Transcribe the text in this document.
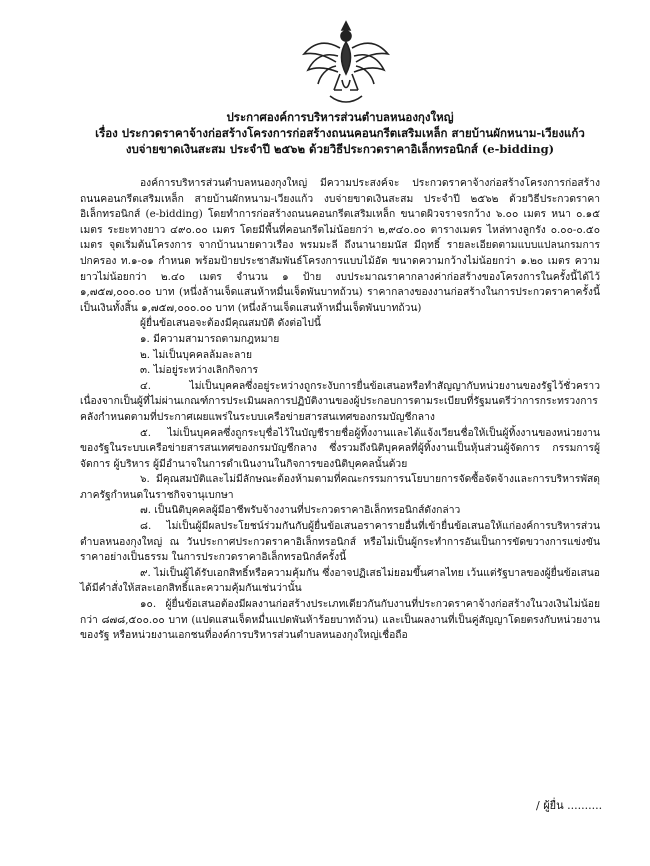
ประกาศองค์การบริหารส่วนตำบลหนองกุงใหญ่
เรื่อง ประกวดราคาจ้างก่อสร้างโครงการก่อสร้างถนนคอนกรีตเสริมเหล็ก สายบ้านผักหนาม-เวียงแก้ว
งบจ่ายขาดเงินสะสม ประจำปี ๒๕๖๒ ด้วยวิธีประกวดราคาอิเล็กทรอนิกส์ (e-bidding)

องค์การบริหารส่วนตำบลหนองกุงใหญ่ มีความประสงค์จะ ประกวดราคาจ้างก่อสร้างโครงการก่อสร้างถนนคอนกรีตเสริมเหล็ก สายบ้านผักหนาม-เวียงแก้ว งบจ่ายขาดเงินสะสม ประจำปี ๒๕๖๒ ด้วยวิธีประกวดราคาอิเล็กทรอนิกส์ (e-bidding) โดยทำการก่อสร้างถนนคอนกรีตเสริมเหล็ก ขนาดผิวจราจรกว้าง ๖.๐๐ เมตร หนา ๐.๑๕ เมตร ระยะทางยาว ๔๙๐.๐๐ เมตร โดยมีพื้นที่คอนกรีตไม่น้อยกว่า ๒,๙๔๐.๐๐ ตารางเมตร ไหล่ทางลูกรัง ๐.๐๐-๐.๕๐ เมตร จุดเริ่มต้นโครงการ จากบ้านนายดาวเรือง พรมมะลี ถึงนานายมนัส มีฤทธิ์ รายละเอียดตามแบบแปลนกรมการปกครอง ท.๑-๐๑ กำหนด พร้อมป้ายประชาสัมพันธ์โครงการแบบไม้อัด ขนาดความกว้างไม่น้อยกว่า ๑.๒๐ เมตร ความยาวไม่น้อยกว่า ๒.๔๐ เมตร จำนวน ๑ ป้าย งบประมาณราคากลางค่าก่อสร้างของโครงการในครั้งนี้ได้ไว้ ๑,๗๕๗,๐๐๐.๐๐ บาท (หนึ่งล้านเจ็ดแสนห้าหมื่นเจ็ดพันบาทถ้วน) ราคากลางของงานก่อสร้างในการประกวดราคาครั้งนี้เป็นเงินทั้งสิ้น ๑,๗๕๗,๐๐๐.๐๐ บาท (หนึ่งล้านเจ็ดแสนห้าหมื่นเจ็ดพันบาทถ้วน)

ผู้ยื่นข้อเสนอจะต้องมีคุณสมบัติ ดังต่อไปนี้

๑. มีความสามารถตามกฎหมาย

๒. ไม่เป็นบุคคลล้มละลาย

๓. ไม่อยู่ระหว่างเลิกกิจการ

๔. ไม่เป็นบุคคลซึ่งอยู่ระหว่างถูกระงับการยื่นข้อเสนอหรือทำสัญญากับหน่วยงานของรัฐไว้ชั่วคราวเนื่องจากเป็นผู้ที่ไม่ผ่านเกณฑ์การประเมินผลการปฏิบัติงานของผู้ประกอบการตามระเบียบที่รัฐมนตรีว่าการกระทรวงการคลังกำหนดตามที่ประกาศเผยแพร่ในระบบเครือข่ายสารสนเทศของกรมบัญชีกลาง

๕. ไม่เป็นบุคคลซึ่งถูกระบุชื่อไว้ในบัญชีรายชื่อผู้ทิ้งงานและได้แจ้งเวียนชื่อให้เป็นผู้ทิ้งงานของหน่วยงานของรัฐในระบบเครือข่ายสารสนเทศของกรมบัญชีกลาง ซึ่งรวมถึงนิติบุคคลที่ผู้ทิ้งงานเป็นหุ้นส่วนผู้จัดการ กรรมการผู้จัดการ ผู้บริหาร ผู้มีอำนาจในการดำเนินงานในกิจการของนิติบุคคลนั้นด้วย

๖. มีคุณสมบัติและไม่มีลักษณะต้องห้ามตามที่คณะกรรมการนโยบายการจัดซื้อจัดจ้างและการบริหารพัสดุภาครัฐกำหนดในราชกิจจานุเบกษา

๗. เป็นนิติบุคคลผู้มีอาชีพรับจ้างงานที่ประกวดราคาอิเล็กทรอนิกส์ดังกล่าว

๘. ไม่เป็นผู้มีผลประโยชน์ร่วมกันกับผู้ยื่นข้อเสนอราคารายอื่นที่เข้ายื่นข้อเสนอให้แก่องค์การบริหารส่วนตำบลหนองกุงใหญ่ ณ วันประกาศประกวดราคาอิเล็กทรอนิกส์ หรือไม่เป็นผู้กระทำการอันเป็นการขัดขวางการแข่งขันราคาอย่างเป็นธรรม ในการประกวดราคาอิเล็กทรอนิกส์ครั้งนี้

๙. ไม่เป็นผู้ได้รับเอกสิทธิ์หรือความคุ้มกัน ซึ่งอาจปฏิเสธไม่ยอมขึ้นศาลไทย เว้นแต่รัฐบาลของผู้ยื่นข้อเสนอได้มีคำสั่งให้สละเอกสิทธิ์และความคุ้มกันเช่นว่านั้น

๑๐. ผู้ยื่นข้อเสนอต้องมีผลงานก่อสร้างประเภทเดียวกันกับงานที่ประกวดราคาจ้างก่อสร้างในวงเงินไม่น้อยกว่า ๘๗๘,๕๐๐.๐๐ บาท (แปดแสนเจ็ดหมื่นแปดพันห้าร้อยบาทถ้วน) และเป็นผลงานที่เป็นคู่สัญญาโดยตรงกับหน่วยงานของรัฐ หรือหน่วยงานเอกชนที่องค์การบริหารส่วนตำบลหนองกุงใหญ่เชื่อถือ

/ ผู้ยื่น ..........
